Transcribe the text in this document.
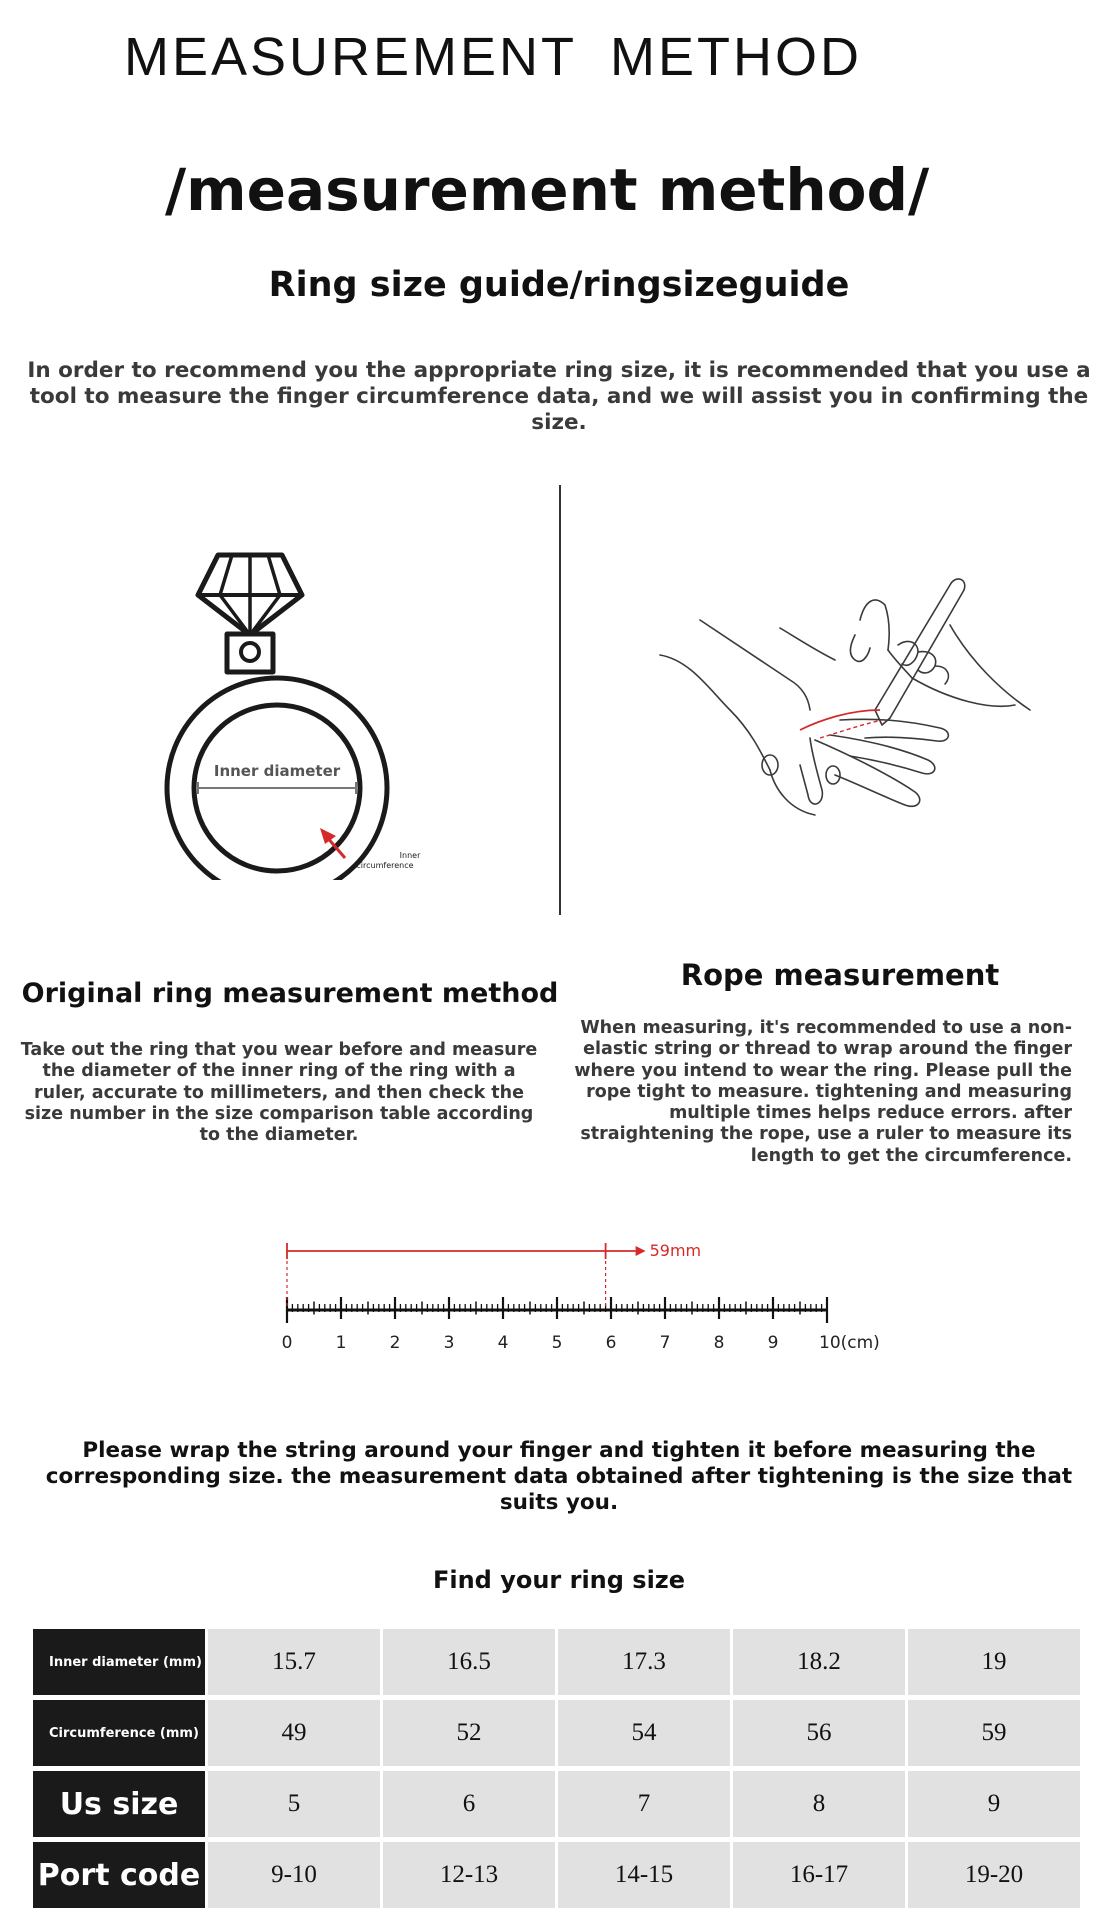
MEASUREMENT METHOD
/measurement method/
Ring size guide/ringsizeguide
In order to recommend you the appropriate ring size, it is recommended that you use a tool to measure the finger circumference data, and we will assist you in confirming the size.
Inner diameter
Inner
circumference
Original ring measurement method
Take out the ring that you wear before and measure the diameter of the inner ring of the ring with a ruler, accurate to millimeters, and then check the size number in the size comparison table according to the diameter.
Rope measurement
When measuring, it's recommended to use a non-elastic string or thread to wrap around the finger where you intend to wear the ring. Please pull the rope tight to measure. tightening and measuring multiple times helps reduce errors. after straightening the rope, use a ruler to measure its length to get the circumference.
0	1	2	3	4	5	6	7	8	9 10(cm)
59mm
Please wrap the string around your finger and tighten it before measuring the corresponding size. the measurement data obtained after tightening is the size that suits you.
Find your ring size
Inner diameter (mm)	15.7	16.5	17.3	18.2	19
Circumference (mm)	49	52	54	56	59
Us size	5	6	7	8	9
Port code	9-10	12-13	14-15	16-17	19-20
